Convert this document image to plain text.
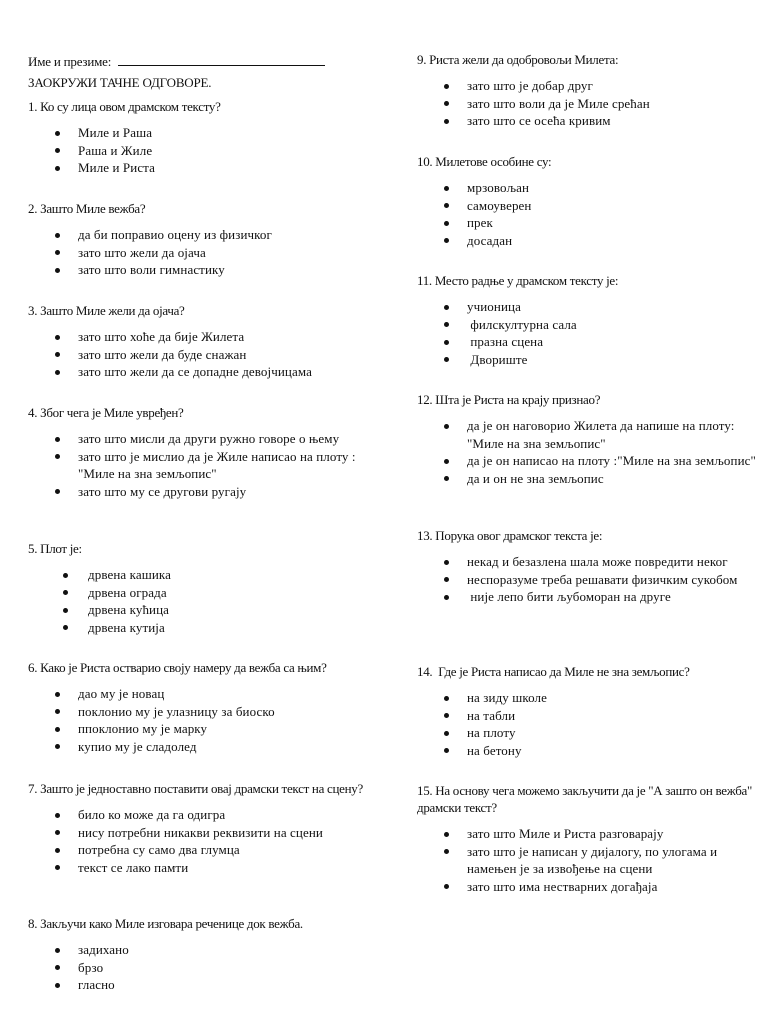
Име и презиме:
ЗАОКРУЖИ ТАЧНЕ ОДГОВОРЕ.
1. Ко су лица овом драмском тексту?
Миле и Раша
Раша и Жиле
Миле и Риста
2. Зашто Миле вежба?
да би поправио оцену из физичког
зато што жели да ојача
зато што воли гимнастику
3. Зашто Миле жели да ојача?
зато што хоће да бије Жилета
зато што жели да буде снажан
зато што жели да се допадне девојчицама
4. Због чега је Миле увређен?
зато што мисли да други ружно говоре о њему
зато што је мислио да је Жиле написао на плоту : "Миле на зна земљопис"
зато што му се другови ругају
5. Плот је:
дрвена кашика
дрвена ограда
дрвена кућица
дрвена кутија
6. Како је Риста остварио своју намеру да вежба са њим?
дао му је новац
поклонио му је улазницу за биоско
ппоклонио му је марку
купио му је сладолед
7. Зашто је једноставно поставити овај драмски текст на сцену?
било ко може да га одигра
нису потребни никакви реквизити на сцени
потребна су само два глумца
текст се лако памти
8. Закључи како Миле изговара реченице док вежба.
задихано
брзо
гласно
9. Риста жели да одобровољи Милета:
зато што је добар друг
зато што воли да је Миле срећан
зато што се осећа кривим
10. Милетове особине су:
мрзовољан
самоуверен
прек
досадан
11. Место радње у драмском тексту је:
учионица
филскултурна сала
празна сцена
Двориште
12. Шта је Риста на крају признао?
да је он наговорио Жилета да напише на плоту: "Миле на зна земљопис"
да је он написао на плоту :"Миле на зна земљопис"
да и он не зна земљопис
13. Порука овог драмског текста је:
некад и безазлена шала може повредити неког
неспоразуме треба решавати физичким сукобом
није лепо бити љубоморан на друге
14.  Где је Риста написао да Миле не зна земљопис?
на зиду школе
на табли
на плоту
на бетону
15. На основу чега можемо закључити да је "А зашто он вежба" драмски текст?
зато што Миле и Риста разговарају
зато што је написан у дијалогу, по улогама и намењен је за извођење на сцени
зато што има нестварних догађаја
